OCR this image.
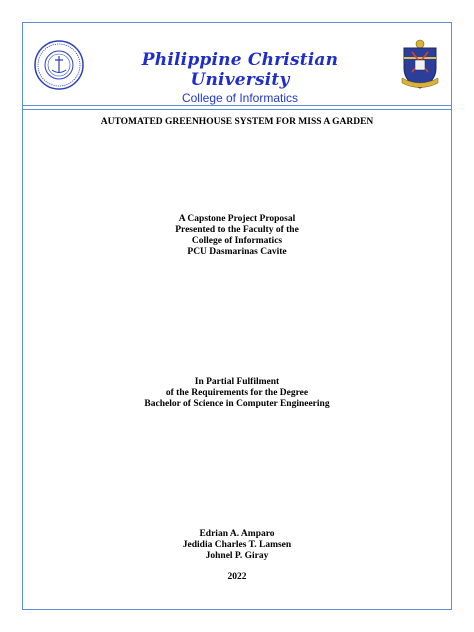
Philippine Christian University
College of Informatics
AUTOMATED GREENHOUSE SYSTEM FOR MISS A GARDEN
A Capstone Project Proposal
Presented to the Faculty of the
College of Informatics
PCU Dasmarinas Cavite
In Partial Fulfilment
of the Requirements for the Degree
Bachelor of Science in Computer Engineering
Edrian A. Amparo
Jedidia Charles T. Lamsen
Johnel P. Giray
2022
